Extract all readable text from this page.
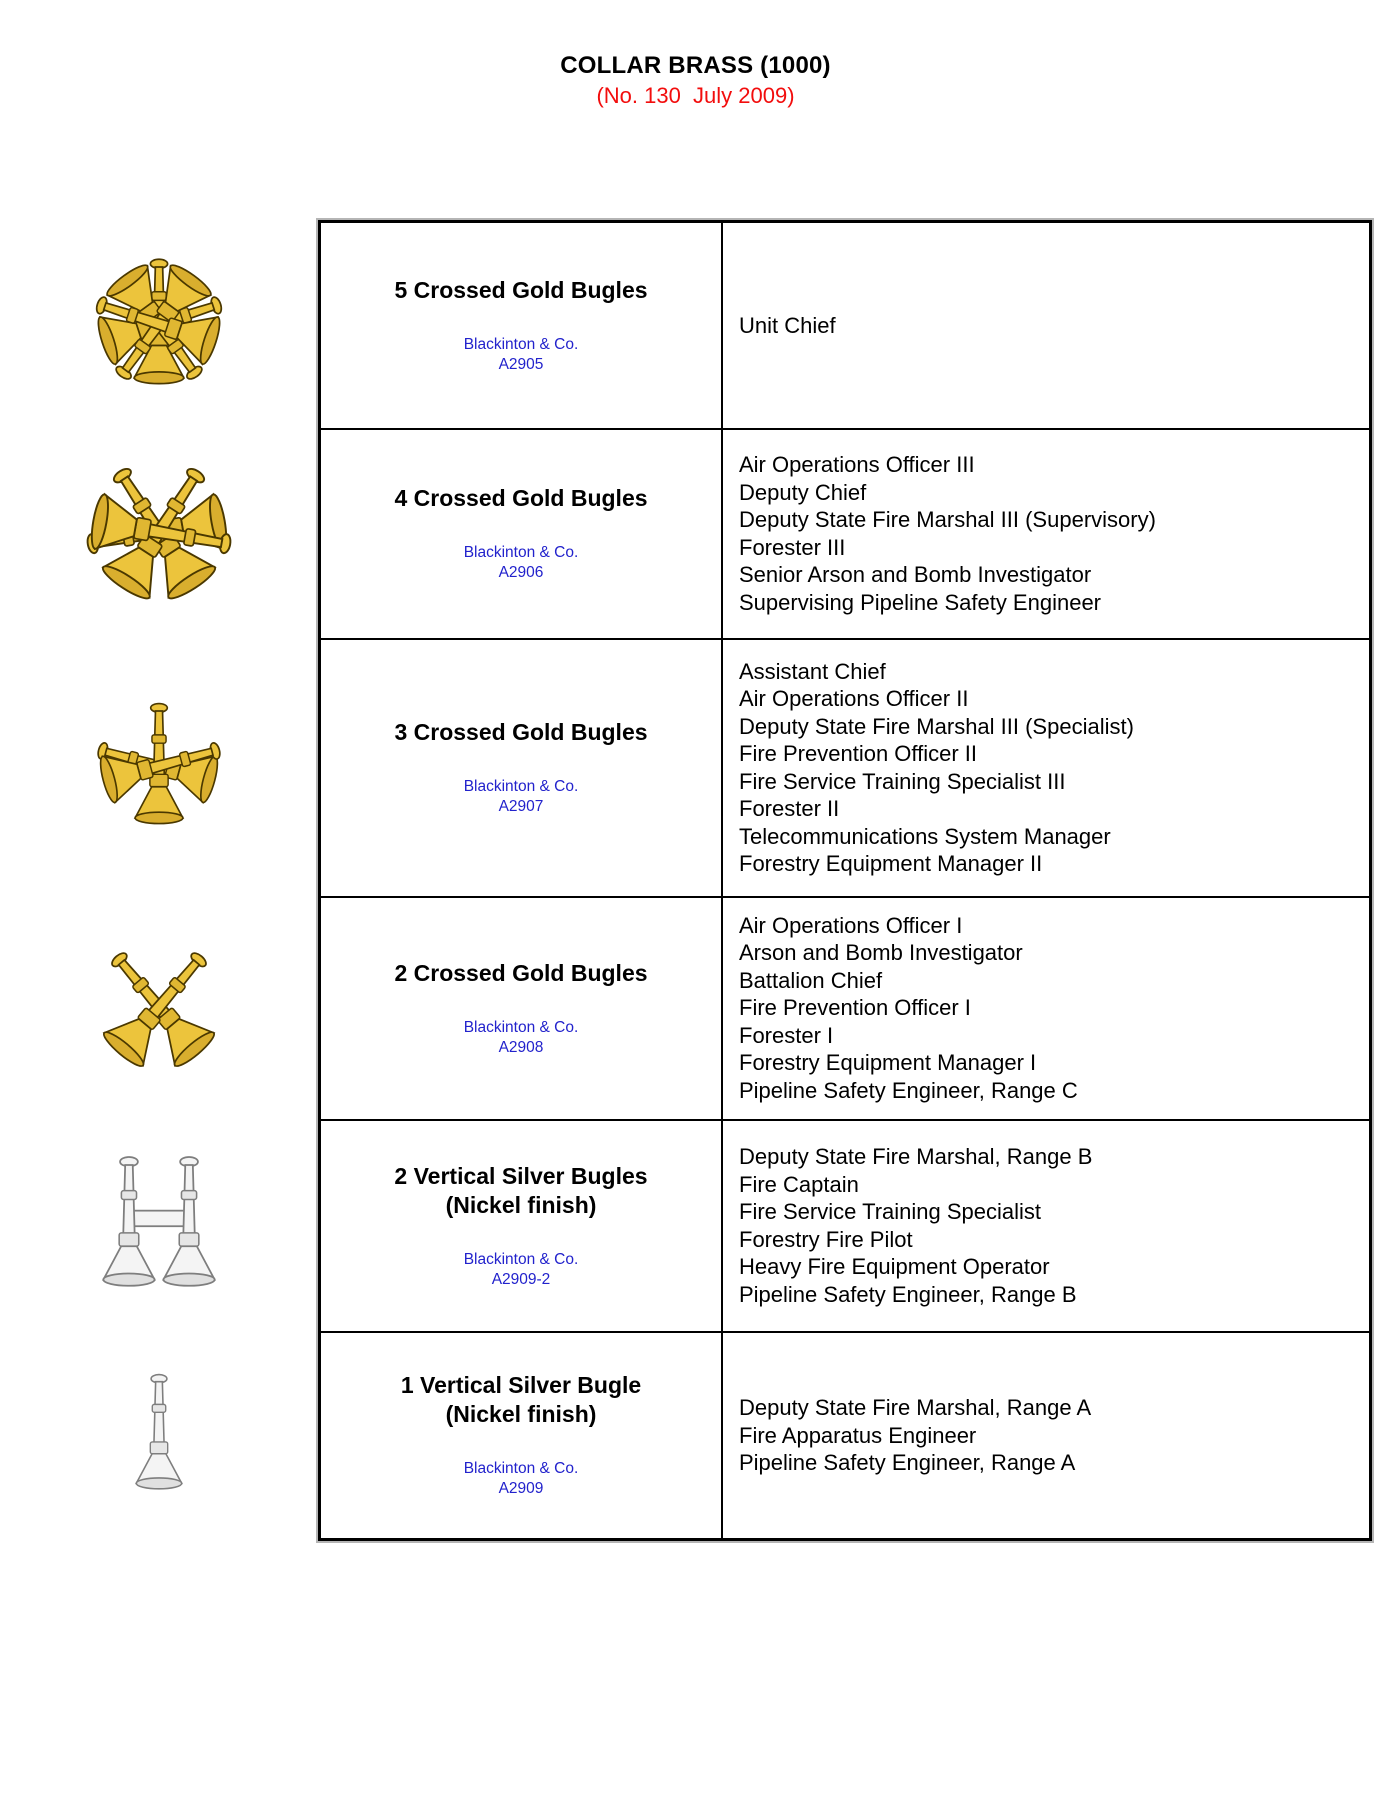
COLLAR BRASS (1000)
(No. 130  July 2009)
5 Crossed Gold Bugles
Blackinton & Co.
A2905	Unit Chief

4 Crossed Gold Bugles
Blackinton & Co.
A2906

Air Operations Officer III
Deputy Chief
Deputy State Fire Marshal III (Supervisory)
Forester III
Senior Arson and Bomb Investigator
Supervising Pipeline Safety Engineer

3 Crossed Gold Bugles
Blackinton & Co.
A2907

Assistant Chief
Air Operations Officer II
Deputy State Fire Marshal III (Specialist)
Fire Prevention Officer II
Fire Service Training Specialist III
Forester II
Telecommunications System Manager
Forestry Equipment Manager II

2 Crossed Gold Bugles
Blackinton & Co.
A2908

Air Operations Officer I
Arson and Bomb Investigator
Battalion Chief
Fire Prevention Officer I
Forester I
Forestry Equipment Manager I
Pipeline Safety Engineer, Range C

2 Vertical Silver Bugles
(Nickel finish)
Blackinton & Co.
A2909-2

Deputy State Fire Marshal, Range B
Fire Captain
Fire Service Training Specialist
Forestry Fire Pilot
Heavy Fire Equipment Operator
Pipeline Safety Engineer, Range B

1 Vertical Silver Bugle
(Nickel finish)
Blackinton & Co.
A2909

Deputy State Fire Marshal, Range A
Fire Apparatus Engineer
Pipeline Safety Engineer, Range A
